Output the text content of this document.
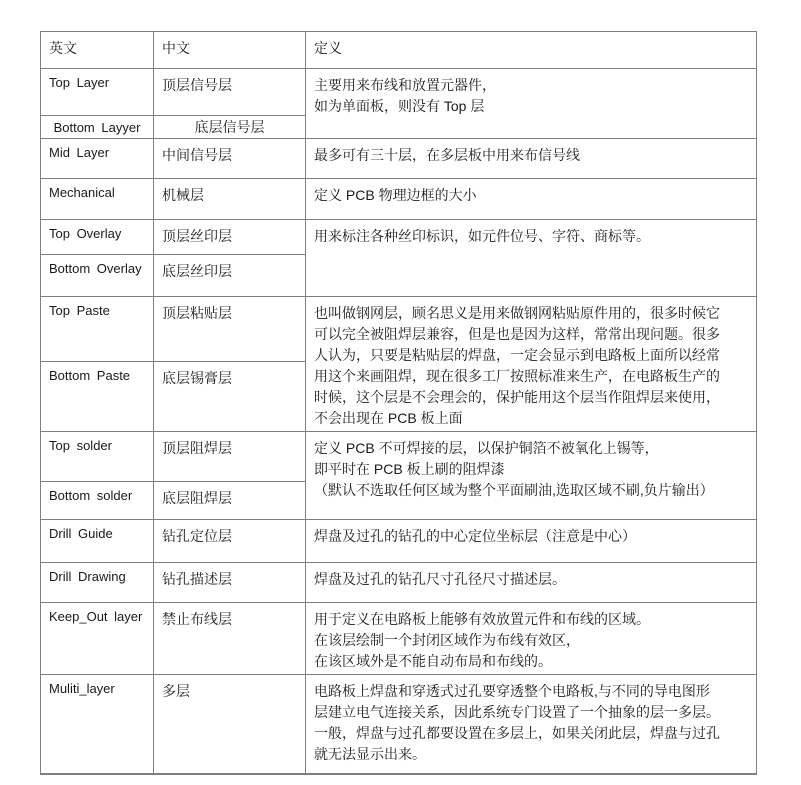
英文	中文	定义
Top Layer	顶层信号层	主要用来布线和放置元器件，
如为单面板，则没有 Top 层

Bottom Layyer	底层信号层	
Mid Layer	中间信号层	最多可有三十层，在多层板中用来布信号线

Mechanical	机械层	定义 PCB 物理边框的大小

Top Overlay	顶层丝印层	用来标注各种丝印标识，如元件位号、字符、商标等。

Bottom Overlay	底层丝印层	
Top Paste	顶层粘贴层	也叫做钢网层，顾名思义是用来做钢网粘贴原件用的，很多时候它
可以完全被阻焊层兼容，但是也是因为这样，常常出现问题。很多
人认为，只要是粘贴层的焊盘，一定会显示到电路板上面所以经常
用这个来画阻焊，现在很多工厂按照标准来生产，在电路板生产的
时候，这个层是不会理会的，保护能用这个层当作阻焊层来使用，
不会出现在 PCB 板上面

Bottom Paste	底层锡膏层	
Top solder	顶层阻焊层	定义 PCB 不可焊接的层，以保护铜箔不被氧化上锡等，
即平时在 PCB 板上刷的阻焊漆
（默认不选取任何区域为整个平面刷油,选取区域不刷,负片输出）

Bottom solder	底层阻焊层	
Drill Guide	钻孔定位层	焊盘及过孔的钻孔的中心定位坐标层（注意是中心）

Drill Drawing	钻孔描述层	焊盘及过孔的钻孔尺寸孔径尺寸描述层。

Keep_Out layer	禁止布线层	用于定义在电路板上能够有效放置元件和布线的区域。
在该层绘制一个封闭区域作为布线有效区，
在该区域外是不能自动布局和布线的。

Muliti_layer	多层	电路板上焊盘和穿透式过孔要穿透整个电路板,与不同的导电图形
层建立电气连接关系，因此系统专门设置了一个抽象的层一多层。
一般，焊盘与过孔都要设置在多层上，如果关闭此层，焊盘与过孔
就无法显示出来。
